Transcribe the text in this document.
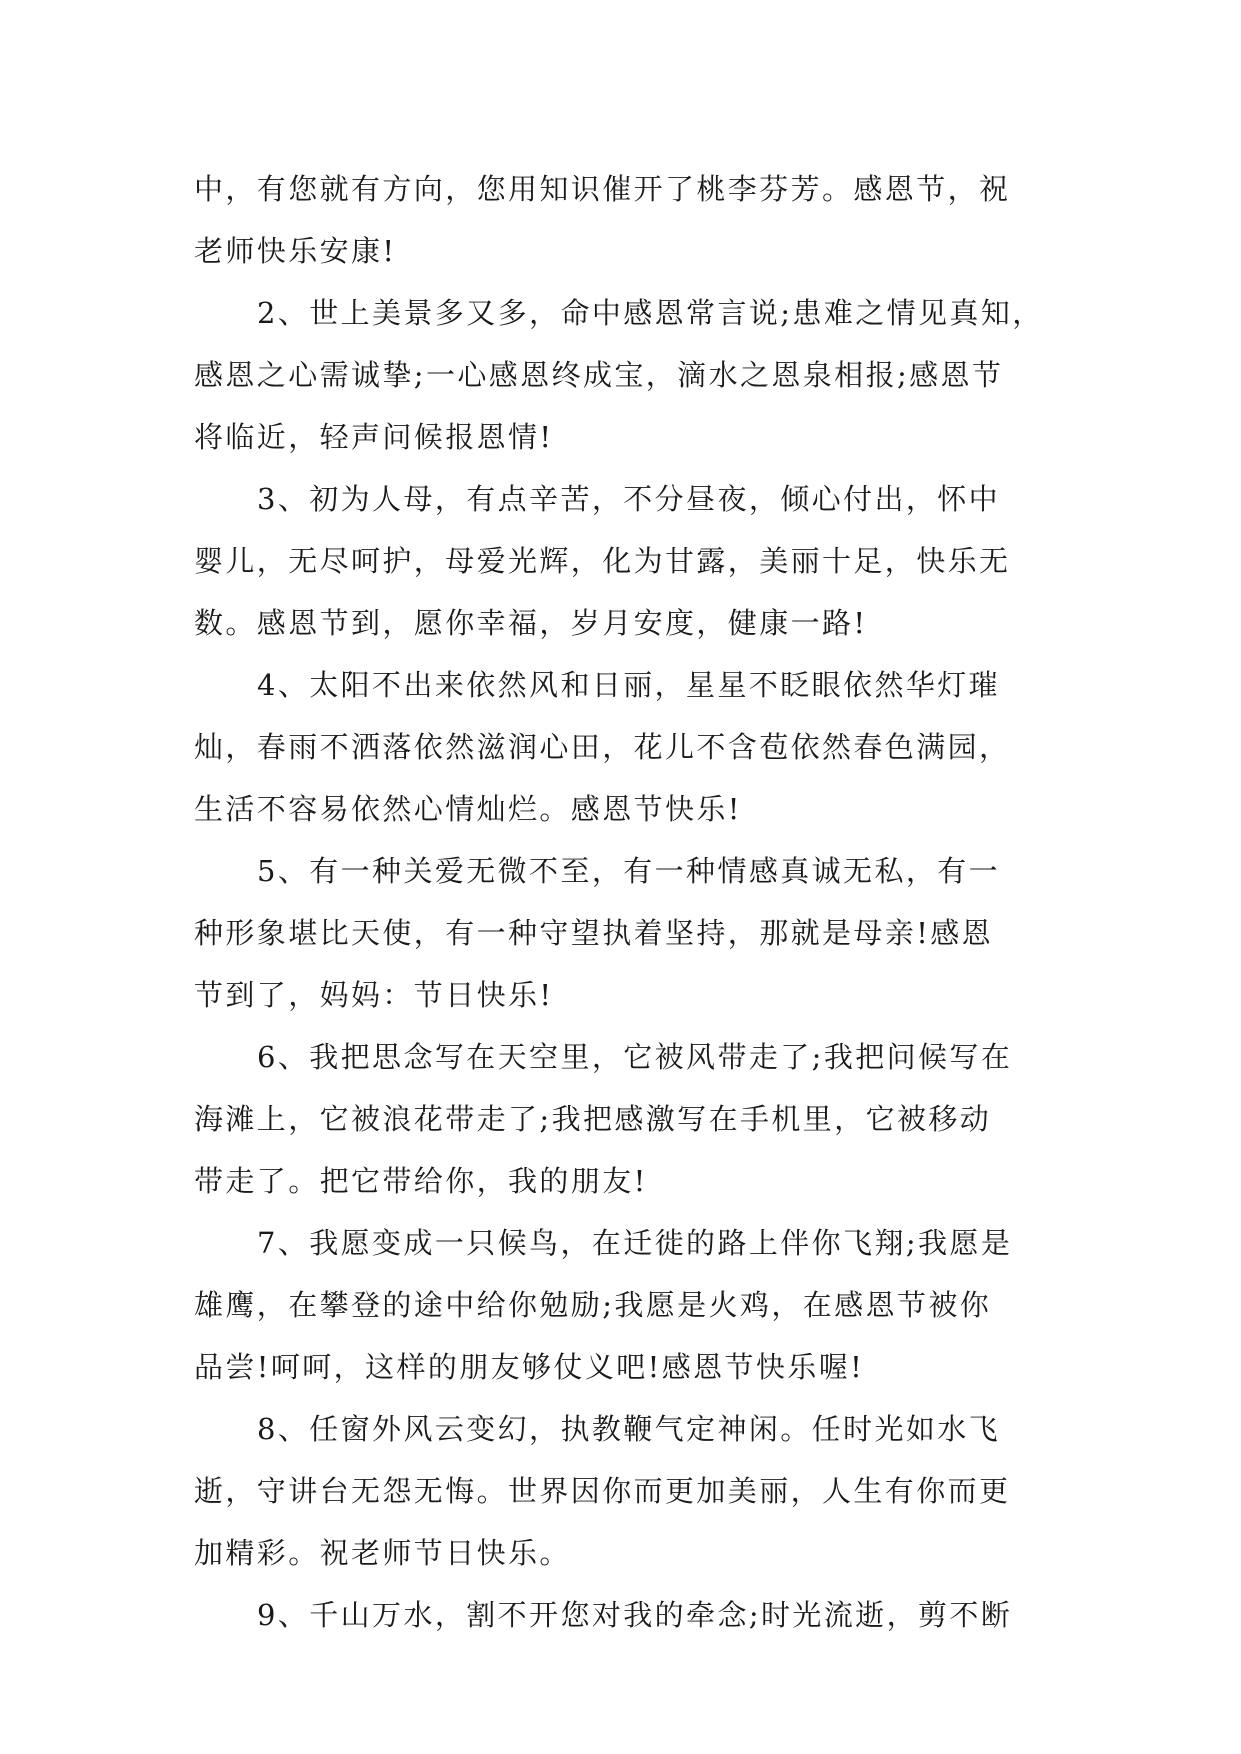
中，有您就有方向，您用知识催开了桃李芬芳。感恩节，祝
老师快乐安康!
2、世上美景多又多，命中感恩常言说;患难之情见真知，
感恩之心需诚挚;一心感恩终成宝，滴水之恩泉相报;感恩节
将临近，轻声问候报恩情!
3、初为人母，有点辛苦，不分昼夜，倾心付出，怀中
婴儿，无尽呵护，母爱光辉，化为甘露，美丽十足，快乐无
数。感恩节到，愿你幸福，岁月安度，健康一路!
4、太阳不出来依然风和日丽，星星不眨眼依然华灯璀
灿，春雨不洒落依然滋润心田，花儿不含苞依然春色满园，
生活不容易依然心情灿烂。感恩节快乐!
5、有一种关爱无微不至，有一种情感真诚无私，有一
种形象堪比天使，有一种守望执着坚持，那就是母亲!感恩
节到了，妈妈：节日快乐!
6、我把思念写在天空里，它被风带走了;我把问候写在
海滩上，它被浪花带走了;我把感激写在手机里，它被移动
带走了。把它带给你，我的朋友!
7、我愿变成一只候鸟，在迁徙的路上伴你飞翔;我愿是
雄鹰，在攀登的途中给你勉励;我愿是火鸡，在感恩节被你
品尝!呵呵，这样的朋友够仗义吧!感恩节快乐喔!
8、任窗外风云变幻，执教鞭气定神闲。任时光如水飞
逝，守讲台无怨无悔。世界因你而更加美丽，人生有你而更
加精彩。祝老师节日快乐。
9、千山万水，割不开您对我的牵念;时光流逝，剪不断
